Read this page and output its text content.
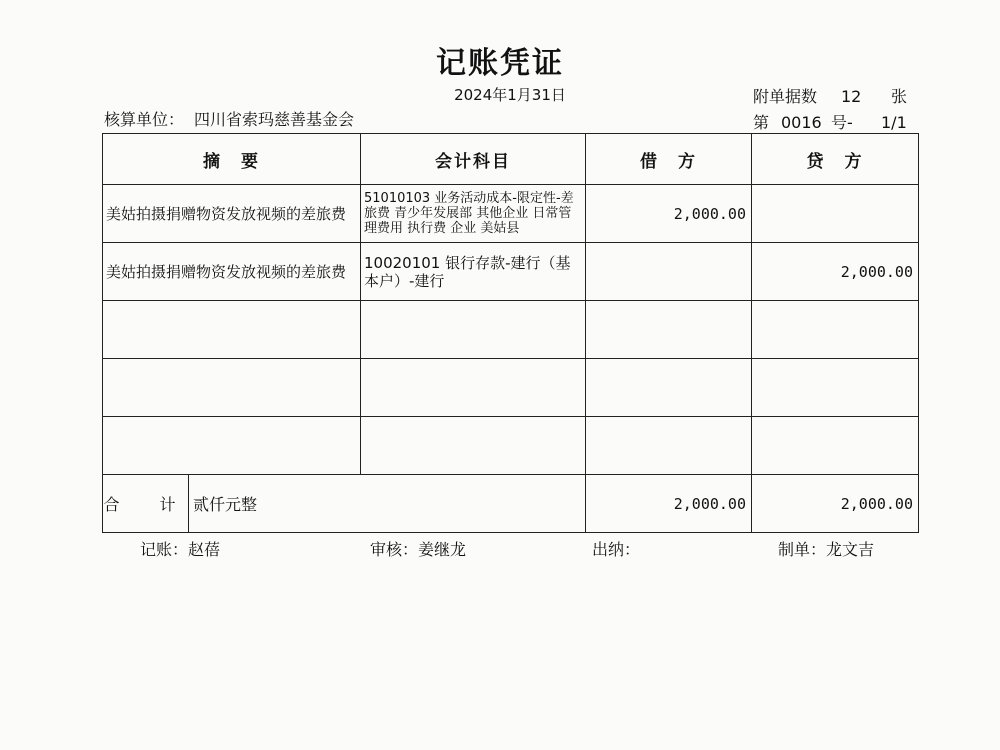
记账凭证
2024年1月31日
核算单位： 四川省索玛慈善基金会
附单据数 12 张
第 0016 号- 1/1
摘　要		会计科目	借　方	贷　方
美姑拍摄捐赠物资发放视频的差旅费		51010103 业务活动成本-限定性-差旅费 青少年发展部 其他企业 日常管理费用 执行费 企业 美姑县	2,000.00	
美姑拍摄捐赠物资发放视频的差旅费		10020101 银行存款-建行（基本户）-建行		2,000.00

合　计	贰仟元整		2,000.00	2,000.00
记账：赵蓓	审核：姜继龙	出纳：	制单：龙文吉
